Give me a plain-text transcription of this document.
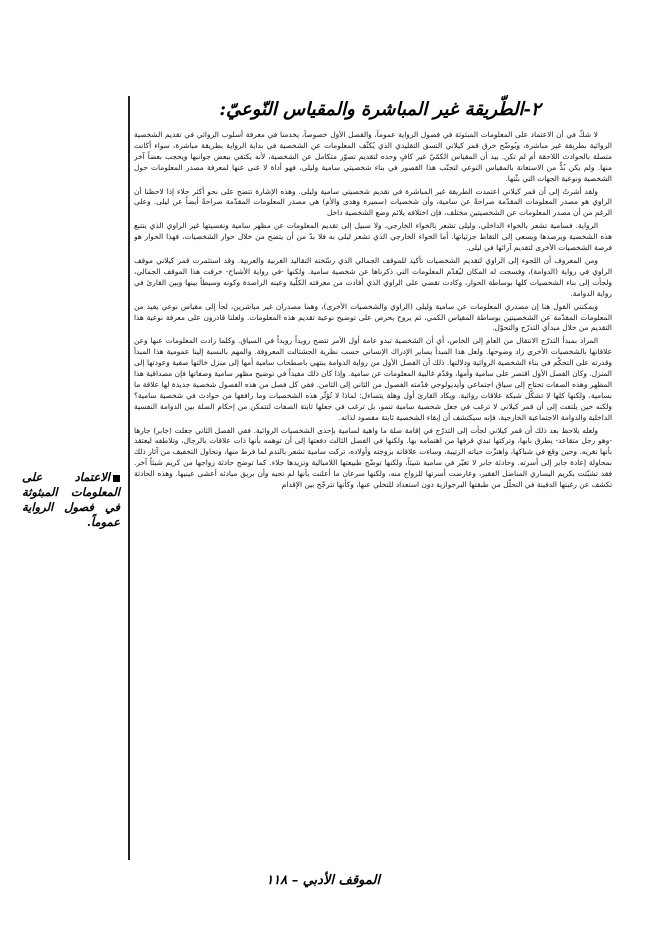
٢-الطّريقة غير المباشرة والمقياس النّوعيّ:

لا شكّ في أن الاعتماد على المعلومات المبثوثة في فصول الرواية عموماً، والفصل الأول خصوصاً، يخدمنا في معرفة أسلوب الروائي في تقديم الشخصية الروائية بطريقة غير مباشرة، ويُوضّح خرق قمر كيلاني النسق التقليدي الذي يُكثّف المعلومات عن الشخصية في بداية الرواية بطريقة مباشرة، سواء أكانت متصلة بالحوادث اللاحقة أم لم تكن. بيد أن المقياس الكمّيّ غير كافٍ وحده لتقديم تصوّر متكامل عن الشخصية، لأنه يكتفي ببعض جوانبها ويحجب بعضاً آخر منها. ولم يكن بُدٌّ من الاستعانة بالمقياس النوعي لتجنّب هذا القصور في بناء شخصيتي سامية وليلى، فهو أداة لا غنى عنها لمعرفة مصدر المعلومات حول الشخصية ونوعية الجهات التي بثّتها.

ولقد أشرتُ إلى أن قمر كيلاني اعتمدت الطريقة غير المباشرة في تقديم شخصيتي سامية وليلى. وهذه الإشارة تتضح على نحو أكثر جلاء إذا لاحظنا أن الراوي هو مصدر المعلومات المقدّمة صراحةً عن سامية، وأن شخصيات (سميرة وهدى والأم) هي مصدر المعلومات المقدّمة صراحةً أيضاً عن ليلى. وعلى الرغم من أن مصدر المعلومات عن الشخصيتين مختلف، فإن اختلافه يلائم وضع الشخصية داخل

الرواية. فسامية تشعر بالخواء الداخلي، وليلى تشعر بالخواء الخارجي، ولا سبيل إلى تقديم المعلومات عن مظهر سامية ونفسيتها غير الراوي الذي يتتبع هذه الشخصية ويرصدها ويسعى إلى التقاط جزئياتها. أما الخواء الخارجي الذي تشعر ليلى به فلا بدّ من أن يتضح من خلال حوار الشخصيات، فهذا الحوار هو فرصة الشخصيات الأخرى لتقديم آرائها في ليلى.

ومن المعروف أن اللجوء إلى الراوي لتقديم الشخصيات تأكيد للموقف الجمالي الذي رسّخته التقاليد الغربية والعربية. وقد استثمرت قمر كيلاني موقف الراوي في رواية (الدوامة)، وفسحت له المكان ليُقدّم المعلومات التي ذكرناها عن شخصية سامية. ولكنها -في رواية الأشباح- خرقت هذا الموقف الجمالي، ولجأت إلى بناء الشخصيات كلها بوساطة الحوار، وكادت تقضي على الراوي الذي أفادت من معرفته الكلّية وعينه الراصدة وكونه وسيطاً بينها وبين القارئ في رواية الدوامة.

ويمكنني القول هنا إن مصدري المعلومات عن سامية وليلى (الراوي والشخصيات الأخرى)، وهما مصدران غير مباشرين، لجأ إلى مقياس نوعي يفيد من المعلومات المقدّمة عن الشخصيتين بوساطة المقياس الكمي، ثم يروح يحرص على توضيح نوعية تقديم هذه المعلومات. ولعلنا قادرون على معرفة نوعية هذا التقديم من خلال مبدأي التدرّج والتحوّل.

المراد بمبدأ التدرّج الانتقال من العام إلى الخاص، أي أن الشخصية تبدو عامة أول الأمر تتضح رويداً رويداً في السياق. وكلما زادت المعلومات عنها وعن علاقاتها بالشخصيات الأخرى زاد وضوحها. ولعل هذا المبدأ يساير الإدراك الإنساني حسب نظرية الجشتالت المعروفة. والمهم بالنسبة إلينا عمومية هذا المبدأ وقدرته على التحكّم في بناء الشخصية الروائية ودلالتها. ذلك أن الفصل الأول من رواية الدوامة ينتهي باصطحاب سامية أمها إلى منزل خالتها صفية وعودتها إلى المنزل. وكان الفصل الأول اقتصر على سامية وأمها، وقدّم غالبية المعلومات عن سامية. وإذا كان ذلك مفيداً في توضيح مظهر سامية وصفاتها فإن مصداقية هذا المظهر وهذه الصفات تحتاج إلى سياق اجتماعي وأيديولوجي قدّمته الفصول من الثاني إلى الثامن. ففي كل فصل من هذه الفصول شخصية جديدة لها علاقة ما بسامية، ولكنها كلها لا تشكّل شبكة علاقات روائية. ويكاد القارئ أول وهلة يتساءل: لماذا لا تُؤثّر هذه الشخصيات وما رافقها من حوادث في شخصية سامية؟ ولكنه حين يلتفت إلى أن قمر كيلاني لا ترغب في جعل شخصية سامية تنمو، بل ترغب في جعلها ثابتة الصفات لتتمكن من إحكام الصلة بين الدوامة النفسية الداخلية والدوامة الاجتماعية الخارجية، فإنه سيكتشف أن إبقاء الشخصية ثابتة مقصود لذاته.

ولعله يلاحظ بعد ذلك أن قمر كيلاني لجأت إلى التدرّج في إقامة صلة ما واهية لسامية بإحدى الشخصيات الروائية. ففي الفصل الثاني جعلت (جابر) جارها -وهو رجل متقاعد- يطرق بابها، وتركتها تبدي قرفها من اهتمامه بها. ولكنها في الفصل الثالث دفعتها إلى أن توهمه بأنها ذات علاقات بالرجال، وتلاطفه ليعتقد بأنها تغريه. وحين وقع في شباكها، واهتزّت حياته الرتيبة، وساءت علاقاته بزوجته وأولاده، تركت سامية تشعر بالندم لما فرط منها، وتحاول التخفيف من آثار ذلك بمحاولة إعادة جابر إلى أسرته. وحادثة جابر لا تغيّر في سامية شيئاً، ولكنها توضّح طبيعتها اللامبالية وتزيدها جلاء. كما توضح حادثة زواجها من كريم شيئاً آخر. فقد تشبّثت بكريم اليساري المناضل الفقير، وعارضت أسرتها للزواج منه، ولكنها سرعان ما أعلنت بأنها لم تحبه وأن بريق مبادئه أعشى عينيها. وهذه الحادثة تكشف عن رغبتها الدفينة في التحلّل من طبقتها البرجوازية دون استعداد للتخلي عنها، وكأنها تترجّح بين الإقدام

الاعتماد على المعلومات المبثوثة في فصول الرواية عموماً.

الموقف الأدبي – ١١٨
